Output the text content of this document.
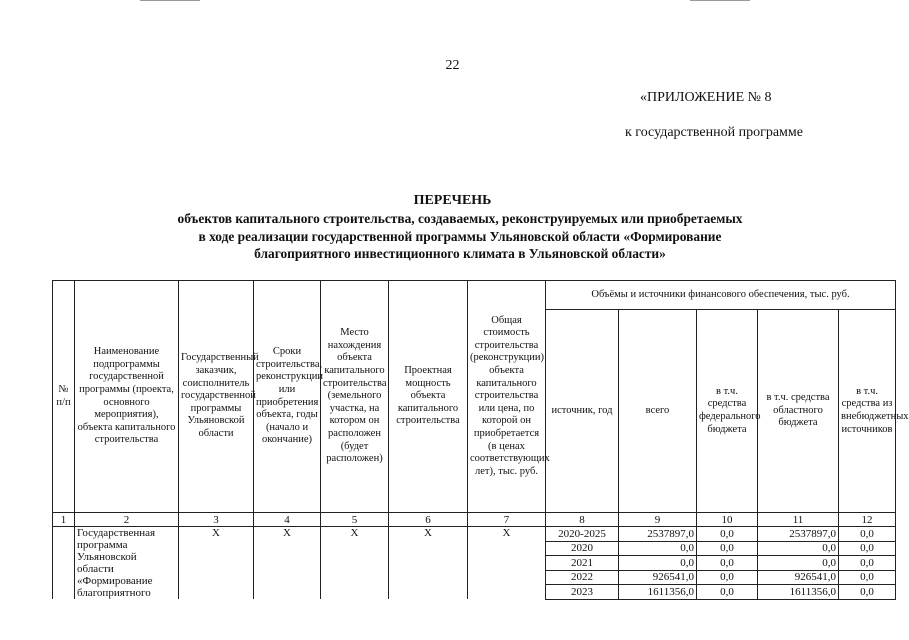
22
«ПРИЛОЖЕНИЕ № 8
к государственной программе
ПЕРЕЧЕНЬ
объектов капитального строительства, создаваемых, реконструируемых или приобретаемых
в ходе реализации государственной программы Ульяновской области «Формирование
благоприятного инвестиционного климата в Ульяновской области»
№ п/п	Наименование подпрограммы государственной программы (проекта, основного мероприятия), объекта капитального строительства	Государственный заказчик, соисполнитель государственной программы Ульяновской области	Сроки строительства, реконструкции или приобретения объекта, годы (начало и окончание)	Место нахождения объекта капитального строительства (земельного участка, на котором он расположен (будет расположен)	Проектная мощность объекта капитального строительства	Общая стоимость строительства (реконструкции) объекта капитального строительства или цена, по которой он приобретается (в ценах соответствующих лет), тыс. руб.	Объёмы и источники финансового обеспечения, тыс. руб.				
							источник, год	всего	в т.ч. средства федерального бюджета	в т.ч. средства областного бюджета	в т.ч. средства из внебюджетных источников
1	2	3	4	5	6	7	8	9	10	11	12
	Государственная программа Ульяновской области «Формирование благоприятного	X	X	X	X	X	2020-2025	2537897,0	0,0	2537897,0	0,0
							2020	0,0	0,0	0,0	0,0
							2021	0,0	0,0	0,0	0,0
							2022	926541,0	0,0	926541,0	0,0
							2023	1611356,0	0,0	1611356,0	0,0
